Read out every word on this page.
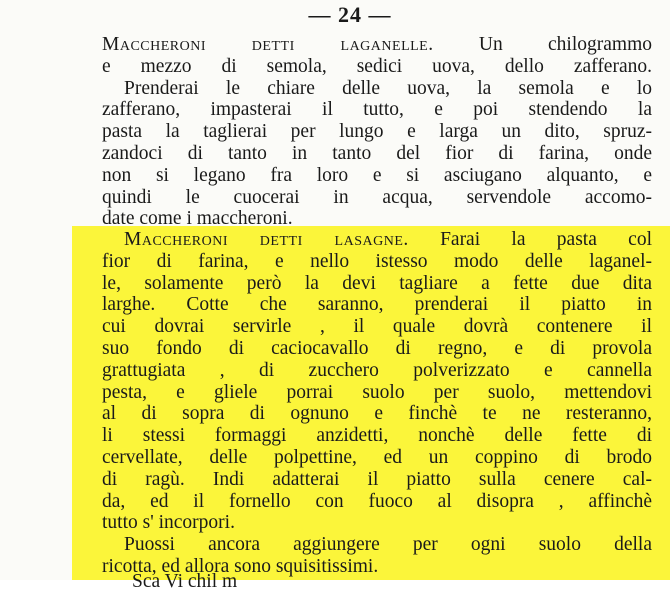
— 24 —
Maccheroni detti laganelle. Un chilogrammo
e mezzo di semola, sedici uova, dello zafferano.
Prenderai le chiare delle uova, la semola e lo
zafferano, impasterai il tutto, e poi stendendo la
pasta la taglierai per lungo e larga un dito, spruz-
zandoci di tanto in tanto del fior di farina, onde
non si legano fra loro e si asciugano alquanto, e
quindi le cuocerai in acqua, servendole accomo-
date come i maccheroni.
Maccheroni detti lasagne. Farai la pasta col
fior di farina, e nello istesso modo delle laganel-
le, solamente però la devi tagliare a fette due dita
larghe. Cotte che saranno, prenderai il piatto in
cui dovrai servirle , il quale dovrà contenere il
suo fondo di caciocavallo di regno, e di provola
grattugiata , di zucchero polverizzato e cannella
pesta, e gliele porrai suolo per suolo, mettendovi
al di sopra di ognuno e finchè te ne resteranno,
li stessi formaggi anzidetti, nonchè delle fette di
cervellate, delle polpettine, ed un coppino di brodo
di ragù. Indi adatterai il piatto sulla cenere cal-
da, ed il fornello con fuoco al disopra , affinchè
tutto s' incorpori.
Puossi ancora aggiungere per ogni suolo della
ricotta, ed allora sono squisitissimi.
Sca Vi chil m
